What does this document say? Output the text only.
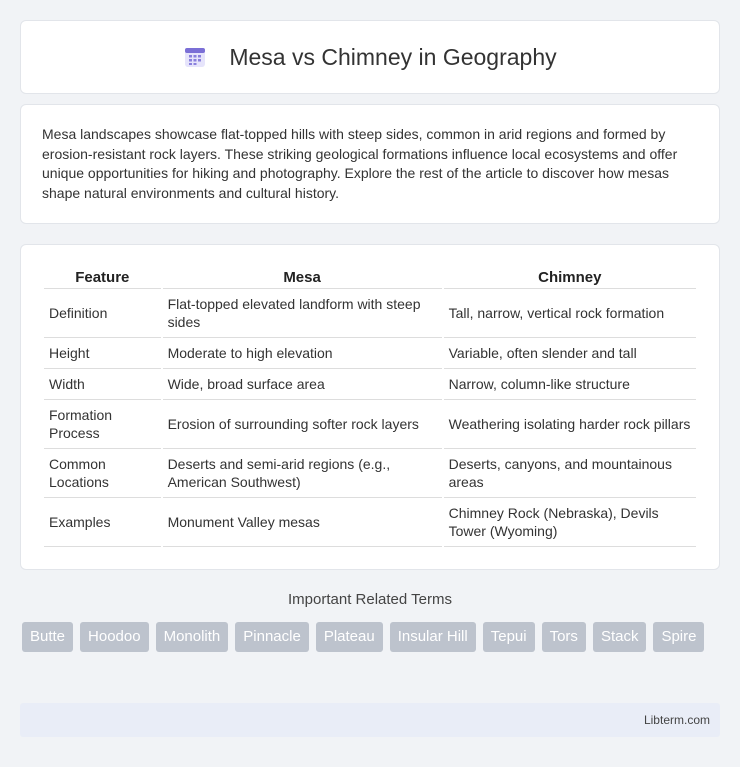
Mesa vs Chimney in Geography

Mesa landscapes showcase flat-topped hills with steep sides, common in arid regions and formed by erosion-resistant rock layers. These striking geological formations influence local ecosystems and offer unique opportunities for hiking and photography. Explore the rest of the article to discover how mesas shape natural environments and cultural history.

Feature	Mesa	Chimney
Definition	Flat-topped elevated landform with steep sides	Tall, narrow, vertical rock formation
Height	Moderate to high elevation	Variable, often slender and tall
Width	Wide, broad surface area	Narrow, column-like structure
Formation Process	Erosion of surrounding softer rock layers	Weathering isolating harder rock pillars
Common Locations	Deserts and semi-arid regions (e.g., American Southwest)	Deserts, canyons, and mountainous areas
Examples	Monument Valley mesas	Chimney Rock (Nebraska), Devils Tower (Wyoming)
Important Related Terms
Butte	Hoodoo	Monolith	Pinnacle	Plateau	Insular Hill	Tepui	Tors	Stack	Spire
Libterm.com
